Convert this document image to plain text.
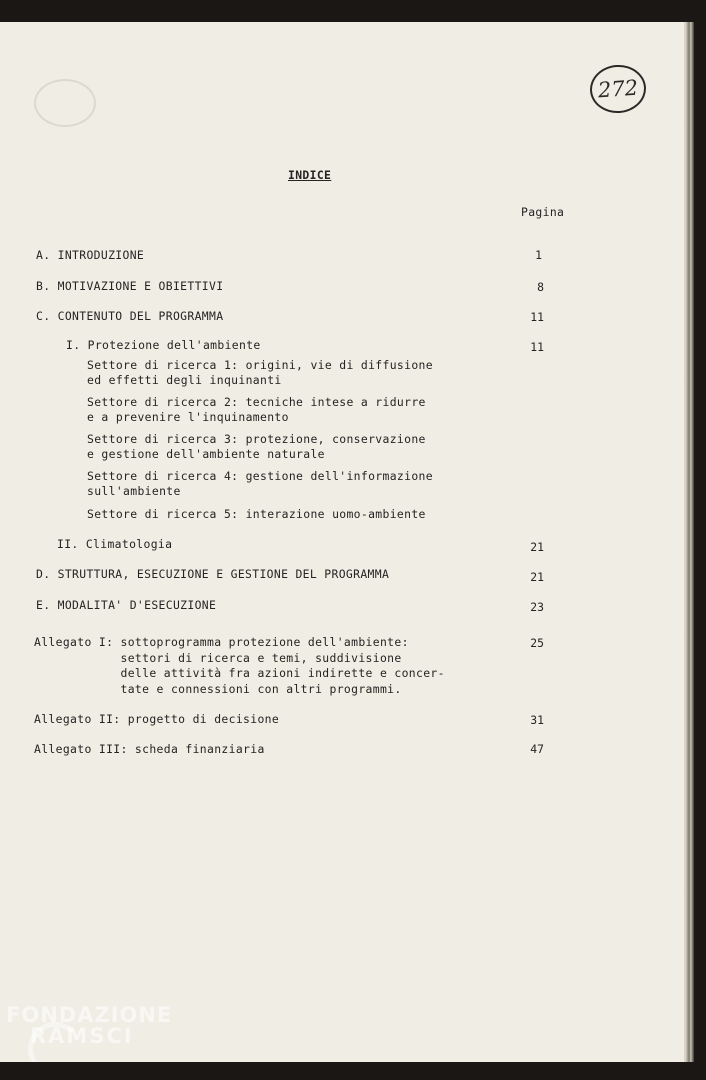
272
INDICE
Pagina
A. INTRODUZIONE	1
B. MOTIVAZIONE E OBIETTIVI	8
C. CONTENUTO DEL PROGRAMMA	11
I. Protezione dell'ambiente	11
Settore di ricerca 1: origini, vie di diffusione
ed effetti degli inquinanti
Settore di ricerca 2: tecniche intese a ridurre
e a prevenire l'inquinamento
Settore di ricerca 3: protezione, conservazione
e gestione dell'ambiente naturale
Settore di ricerca 4: gestione dell'informazione
sull'ambiente
Settore di ricerca 5: interazione uomo-ambiente
II. Climatologia	21
D. STRUTTURA, ESECUZIONE E GESTIONE DEL PROGRAMMA	21
E. MODALITA' D'ESECUZIONE	23
Allegato I: sottoprogramma protezione dell'ambiente:
settori di ricerca e temi, suddivisione
delle attività fra azioni indirette e concer-
tate e connessioni con altri programmi.
25
Allegato II: progetto di decisione	31
Allegato III: scheda finanziaria	47
FONDAZIONE
RAMSCI
